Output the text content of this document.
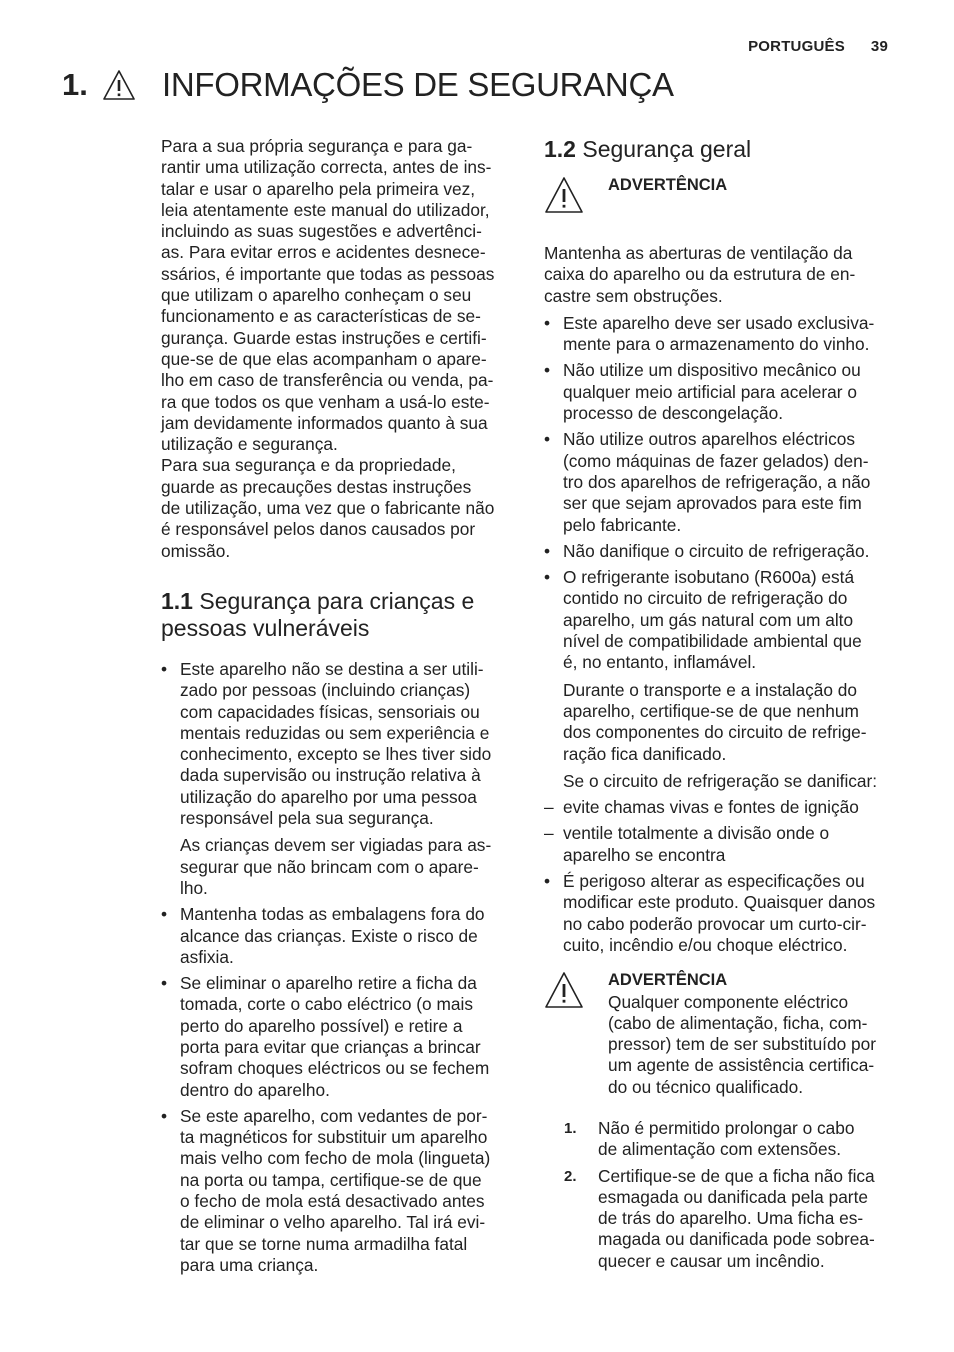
PORTUGUÊS 39
1.	INFORMAÇÕES DE SEGURANÇA

Para a sua própria segurança e para ga-
rantir uma utilização correcta, antes de ins-
talar e usar o aparelho pela primeira vez,
leia atentamente este manual do utilizador,
incluindo as suas sugestões e advertênci-
as. Para evitar erros e acidentes desnece-
ssários, é importante que todas as pessoas
que utilizam o aparelho conheçam o seu
funcionamento e as características de se-
gurança. Guarde estas instruções e certifi-
que-se de que elas acompanham o apare-
lho em caso de transferência ou venda, pa-
ra que todos os que venham a usá-lo este-
jam devidamente informados quanto à sua
utilização e segurança.

Para sua segurança e da propriedade,
guarde as precauções destas instruções
de utilização, uma vez que o fabricante não
é responsável pelos danos causados por
omissão.

1.1 Segurança para crianças e
pessoas vulneráveis
• Este aparelho não se destina a ser utili-
zado por pessoas (incluindo crianças)
com capacidades físicas, sensoriais ou
mentais reduzidas ou sem experiência e
conhecimento, excepto se lhes tiver sido
dada supervisão ou instrução relativa à
utilização do aparelho por uma pessoa
responsável pela sua segurança.

As crianças devem ser vigiadas para as-
segurar que não brincam com o apare-
lho.

• Mantenha todas as embalagens fora do
alcance das crianças. Existe o risco de
asfixia.
• Se eliminar o aparelho retire a ficha da
tomada, corte o cabo eléctrico (o mais
perto do aparelho possível) e retire a
porta para evitar que crianças a brincar
sofram choques eléctricos ou se fechem
dentro do aparelho.
• Se este aparelho, com vedantes de por-
ta magnéticos for substituir um aparelho
mais velho com fecho de mola (lingueta)
na porta ou tampa, certifique-se de que
o fecho de mola está desactivado antes
de eliminar o velho aparelho. Tal irá evi-
tar que se torne numa armadilha fatal
para uma criança.
1.2 Segurança geral
ADVERTÊNCIA

Mantenha as aberturas de ventilação da
caixa do aparelho ou da estrutura de en-
castre sem obstruções.

• Este aparelho deve ser usado exclusiva-
mente para o armazenamento do vinho.
• Não utilize um dispositivo mecânico ou
qualquer meio artificial para acelerar o
processo de descongelação.
• Não utilize outros aparelhos eléctricos
(como máquinas de fazer gelados) den-
tro dos aparelhos de refrigeração, a não
ser que sejam aprovados para este fim
pelo fabricante.
• Não danifique o circuito de refrigeração.
• O refrigerante isobutano (R600a) está
contido no circuito de refrigeração do
aparelho, um gás natural com um alto
nível de compatibilidade ambiental que
é, no entanto, inflamável.

Durante o transporte e a instalação do
aparelho, certifique-se de que nenhum
dos componentes do circuito de refrige-
ração fica danificado.

Se o circuito de refrigeração se danificar:

– evite chamas vivas e fontes de ignição
– ventile totalmente a divisão onde o
aparelho se encontra
• É perigoso alterar as especificações ou
modificar este produto. Quaisquer danos
no cabo poderão provocar um curto-cir-
cuito, incêndio e/ou choque eléctrico.
ADVERTÊNCIA

Qualquer componente eléctrico
(cabo de alimentação, ficha, com-
pressor) tem de ser substituído por
um agente de assistência certifica-
do ou técnico qualificado.

1. Não é permitido prolongar o cabo
de alimentação com extensões.
2. Certifique-se de que a ficha não fica
esmagada ou danificada pela parte
de trás do aparelho. Uma ficha es-
magada ou danificada pode sobrea-
quecer e causar um incêndio.
